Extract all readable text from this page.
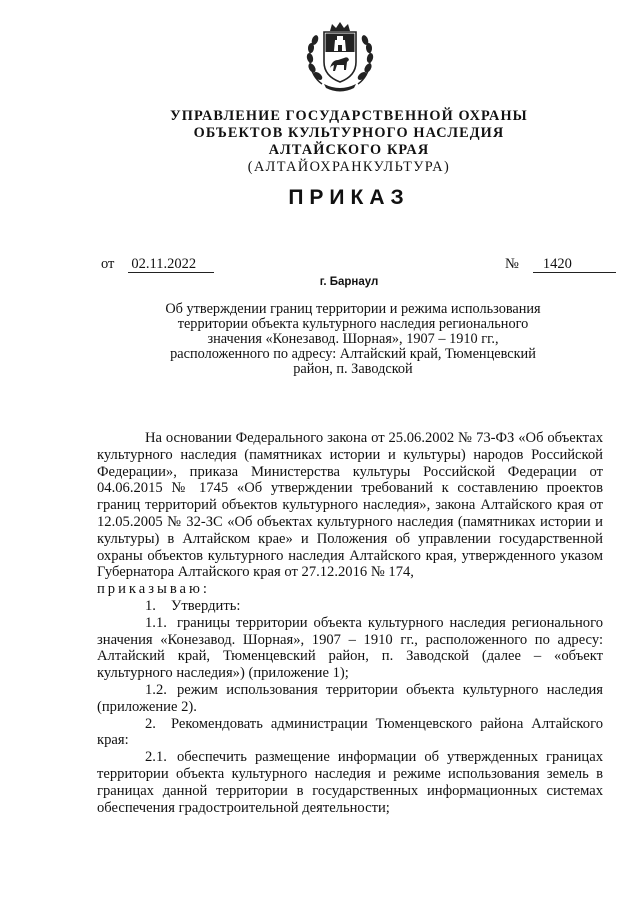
УПРАВЛЕНИЕ ГОСУДАРСТВЕННОЙ ОХРАНЫ
ОБЪЕКТОВ КУЛЬТУРНОГО НАСЛЕДИЯ
АЛТАЙСКОГО КРАЯ
(АЛТАЙОХРАНКУЛЬТУРА)
ПРИКАЗ
от 02.11.2022	№ 1420
г. Барнаул
Об утверждении границ территории и режима использования
территории объекта культурного наследия регионального
значения «Конезавод. Шорная», 1907 – 1910 гг.,
расположенного по адресу: Алтайский край, Тюменцевский
район, п. Заводской

На основании Федерального закона от 25.06.2002 № 73-ФЗ «Об объектах культурного наследия (памятниках истории и культуры) народов Российской Федерации», приказа Министерства культуры Российской Федерации от 04.06.2015 № 1745 «Об утверждении требований к составлению проектов границ территорий объектов культурного наследия», закона Алтайского края от 12.05.2005 № 32-ЗС «Об объектах культурного наследия (памятниках истории и культуры) в Алтайском крае» и Положения об управлении государственной охраны объектов культурного наследия Алтайского края, утвержденного указом Губернатора Алтайского края от 27.12.2016 № 174,

приказываю:

1. Утвердить:

1.1. границы территории объекта культурного наследия регионального значения «Конезавод. Шорная», 1907 – 1910 гг., расположенного по адресу: Алтайский край, Тюменцевский район, п. Заводской (далее – «объект культурного наследия») (приложение 1);

1.2. режим использования территории объекта культурного наследия (приложение 2).

2. Рекомендовать администрации Тюменцевского района Алтайского края:

2.1. обеспечить размещение информации об утвержденных границах территории объекта культурного наследия и режиме использования земель в границах данной территории в государственных информационных системах обеспечения градостроительной деятельности;
